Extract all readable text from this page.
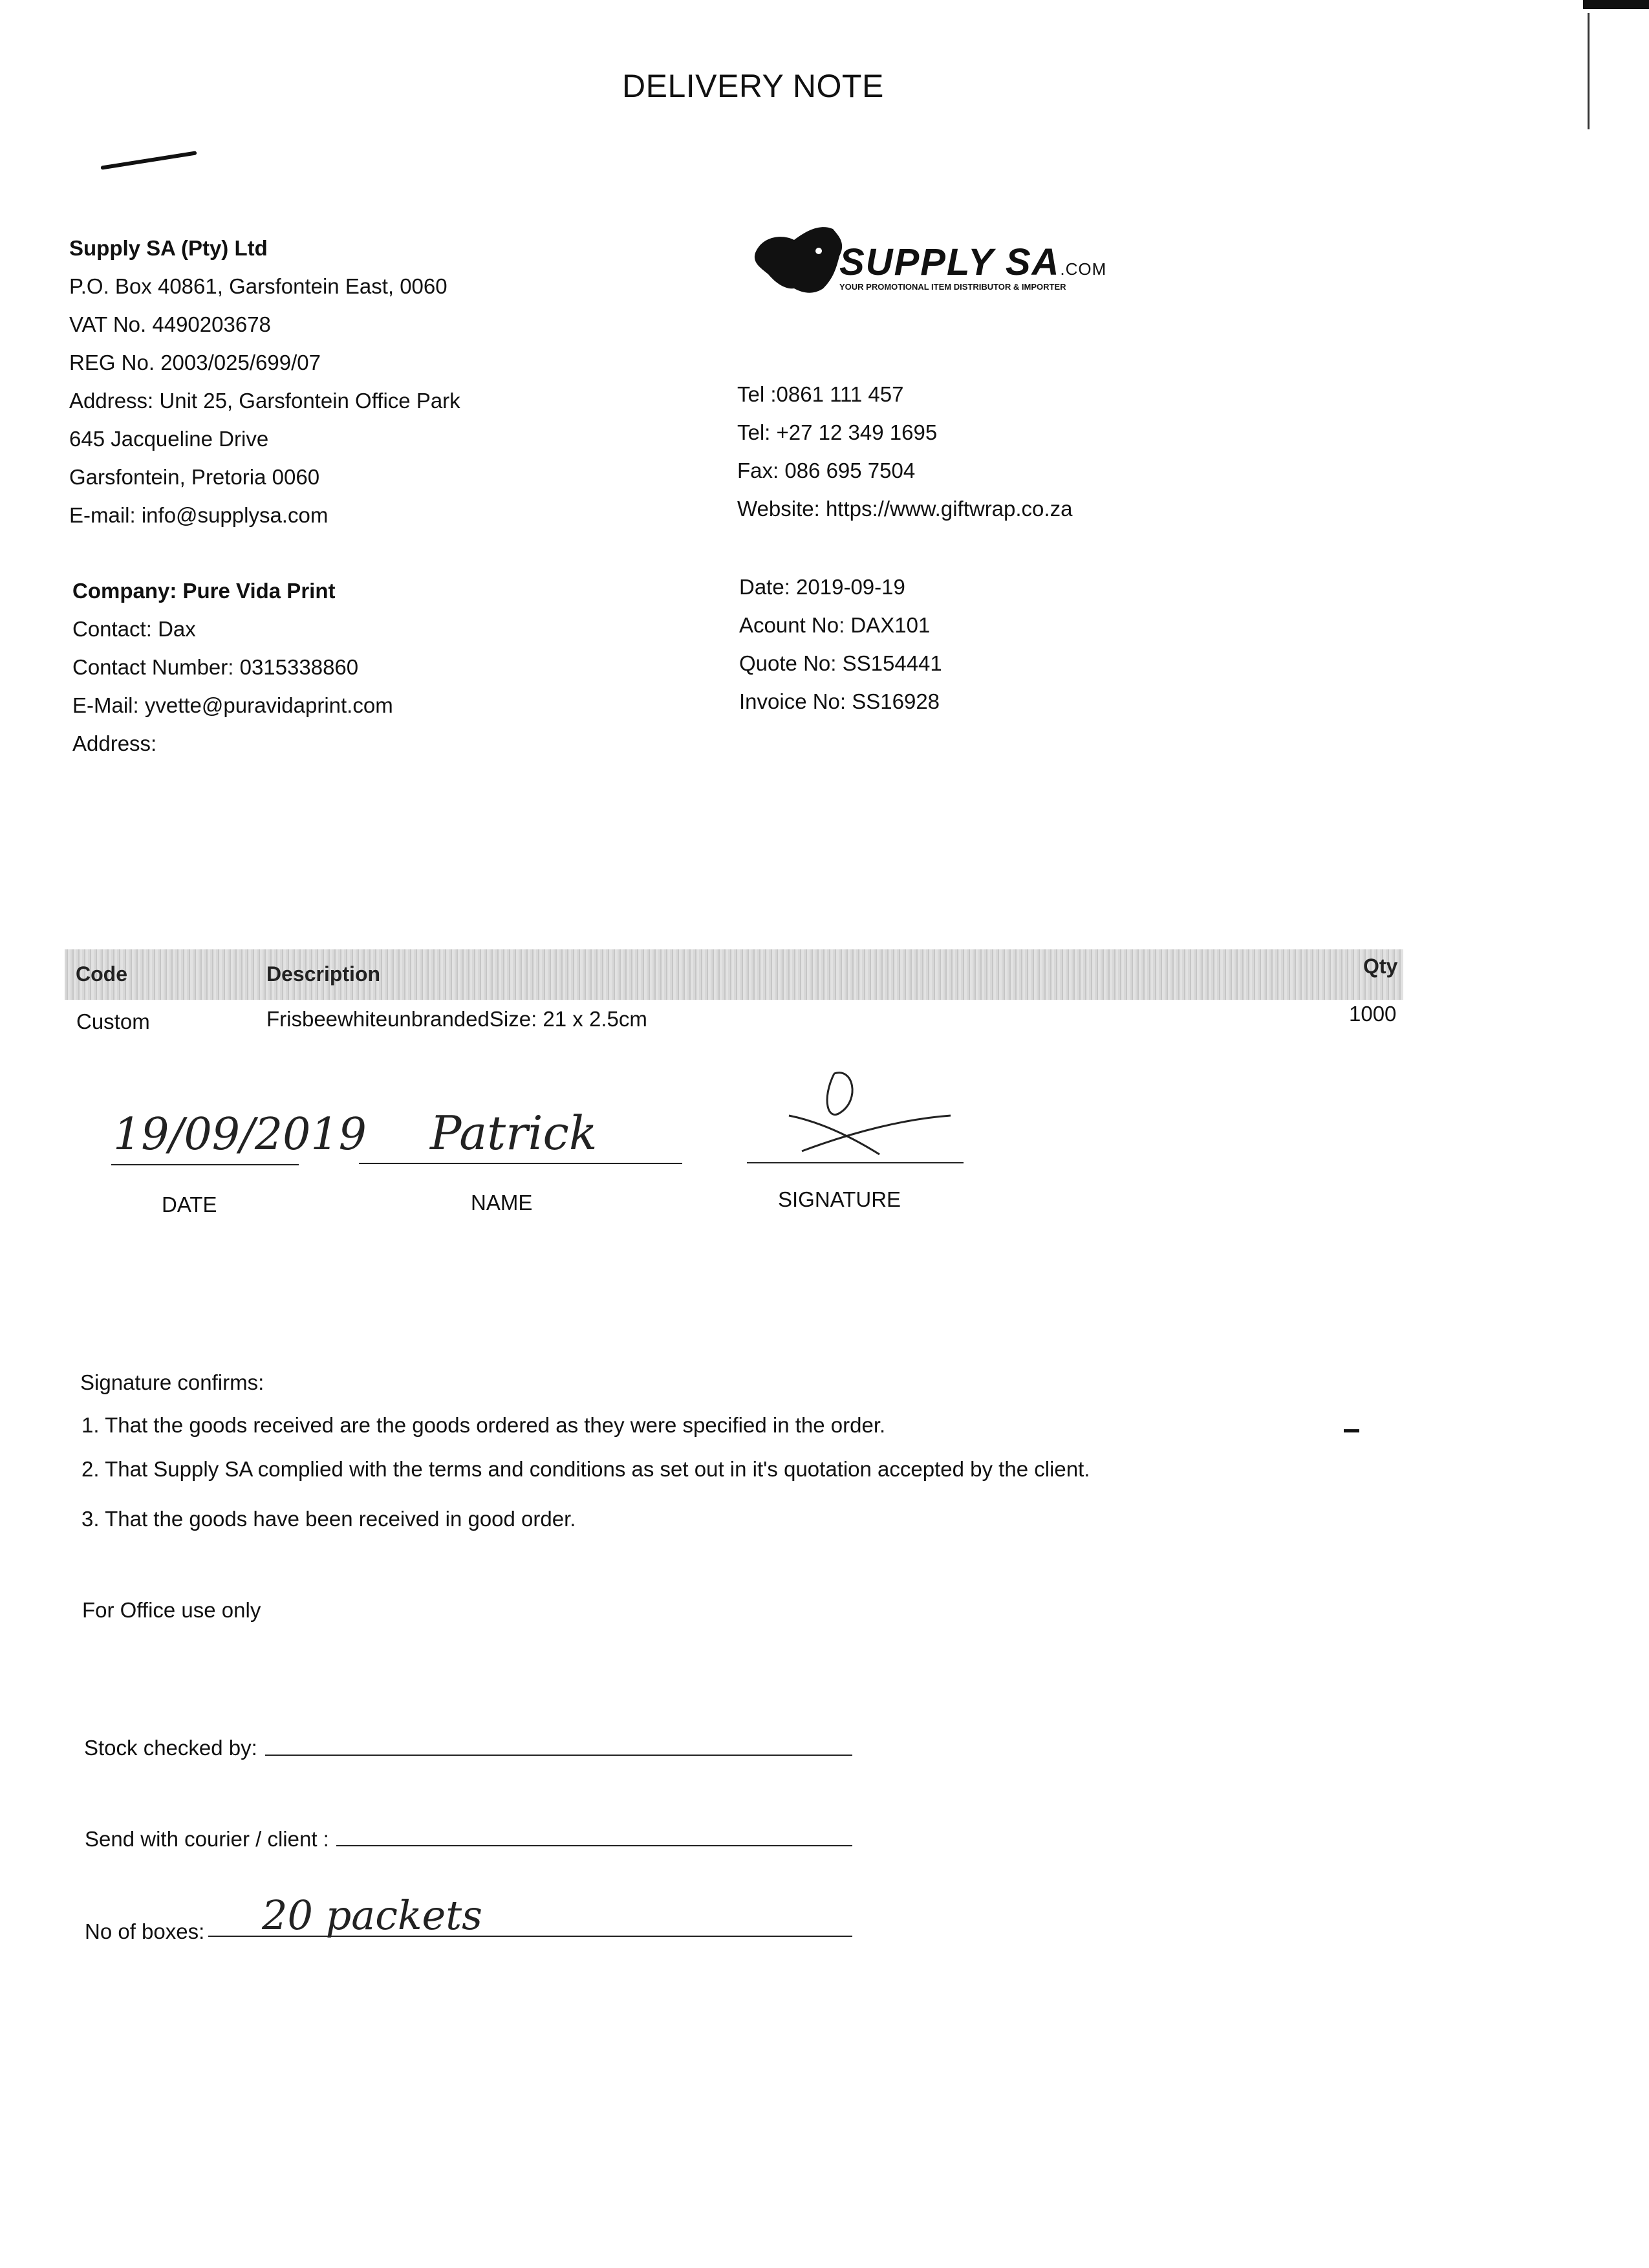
DELIVERY NOTE
Supply SA (Pty) Ltd
P.O. Box 40861, Garsfontein East, 0060
VAT No. 4490203678
REG No. 2003/025/699/07
Address: Unit 25, Garsfontein Office Park
645 Jacqueline Drive
Garsfontein, Pretoria 0060
E-mail: info@supplysa.com
SUPPLY SA.COM
YOUR PROMOTIONAL ITEM DISTRIBUTOR & IMPORTER
Tel :0861 111 457
Tel: +27 12 349 1695
Fax: 086 695 7504
Website: https://www.giftwrap.co.za
Company: Pure Vida Print
Contact: Dax
Contact Number: 0315338860
E-Mail: yvette@puravidaprint.com
Address:
Date: 2019-09-19
Acount No: DAX101
Quote No: SS154441
Invoice No: SS16928
Code	Description	Qty
Custom	FrisbeewhiteunbrandedSize: 21 x 2.5cm	1000
19/09/2019
DATE
Patrick
NAME	SIGNATURE
Signature confirms:
1. That the goods received are the goods ordered as they were specified in the order.
2. That Supply SA complied with the terms and conditions as set out in it's quotation accepted by the client.
3. That the goods have been received in good order.
For Office use only
Stock checked by:
Send with courier / client :
No of boxes: 20 packets
